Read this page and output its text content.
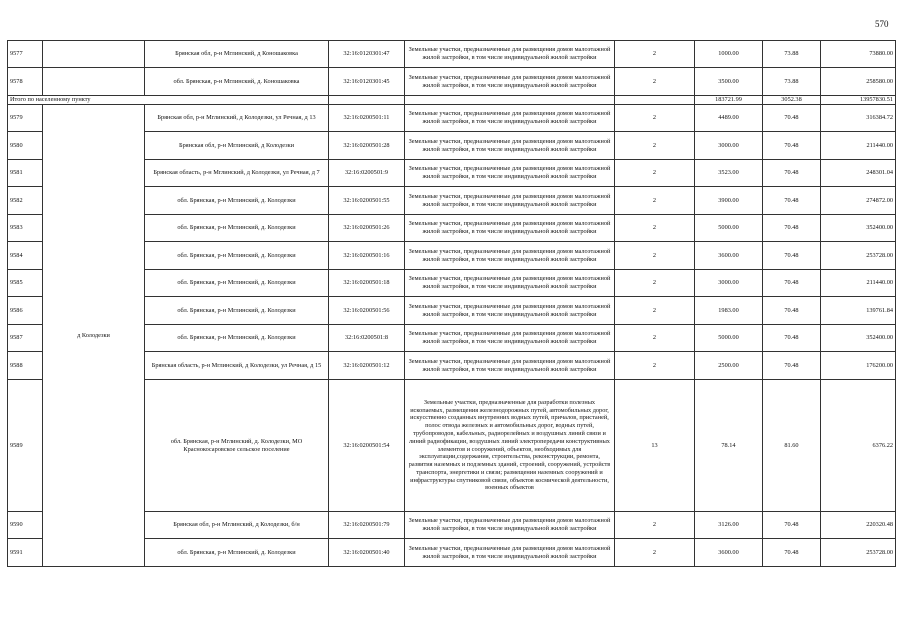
570
9577		Брянская обл, р-н Мглинский, д Коношаковка	32:16:0120301:47	Земельные участки, предназначенные для размещения домов малоэтажной жилой застройки, в том числе индивидуальной жилой застройки	2	1000.00	73.88	73880.00
9578		обл. Брянская, р-н Мглинский, д. Коношаковка	32:16:0120301:45	Земельные участки, предназначенные для размещения домов малоэтажной жилой застройки, в том числе индивидуальной жилой застройки	2	3500.00	73.88	258580.00
Итого по населенному пункту						183721.99	3052.38	13957830.51
9579	д Колодезки	Брянская обл, р-н Мглинский, д Колодезки, ул Речная, д 13	32:16:0200501:11	Земельные участки, предназначенные для размещения домов малоэтажной жилой застройки, в том числе индивидуальной жилой застройки	2	4489.00	70.48	316384.72
9580		Брянская обл, р-н Мглинский, д Колодезки	32:16:0200501:28	Земельные участки, предназначенные для размещения домов малоэтажной жилой застройки, в том числе индивидуальной жилой застройки	2	3000.00	70.48	211440.00
9581		Брянская область, р-н Мглинский, д Колодезки, ул Речная, д 7	32:16:0200501:9	Земельные участки, предназначенные для размещения домов малоэтажной жилой застройки, в том числе индивидуальной жилой застройки	2	3523.00	70.48	248301.04
9582		обл. Брянская, р-н Мглинский, д. Колодезки	32:16:0200501:55	Земельные участки, предназначенные для размещения домов малоэтажной жилой застройки, в том числе индивидуальной жилой застройки	2	3900.00	70.48	274872.00
9583		обл. Брянская, р-н Мглинский, д. Колодезки	32:16:0200501:26	Земельные участки, предназначенные для размещения домов малоэтажной жилой застройки, в том числе индивидуальной жилой застройки	2	5000.00	70.48	352400.00
9584		обл. Брянская, р-н Мглинский, д. Колодезки	32:16:0200501:16	Земельные участки, предназначенные для размещения домов малоэтажной жилой застройки, в том числе индивидуальной жилой застройки	2	3600.00	70.48	253728.00
9585		обл. Брянская, р-н Мглинский, д. Колодезки	32:16:0200501:18	Земельные участки, предназначенные для размещения домов малоэтажной жилой застройки, в том числе индивидуальной жилой застройки	2	3000.00	70.48	211440.00
9586		обл. Брянская, р-н Мглинский, д. Колодезки	32:16:0200501:56	Земельные участки, предназначенные для размещения домов малоэтажной жилой застройки, в том числе индивидуальной жилой застройки	2	1983.00	70.48	139761.84
9587		обл. Брянская, р-н Мглинский, д. Колодезки	32:16:0200501:8	Земельные участки, предназначенные для размещения домов малоэтажной жилой застройки, в том числе индивидуальной жилой застройки	2	5000.00	70.48	352400.00
9588		Брянская область, р-н Мглинский, д Колодезки, ул Речная, д 15	32:16:0200501:12	Земельные участки, предназначенные для размещения домов малоэтажной жилой застройки, в том числе индивидуальной жилой застройки	2	2500.00	70.48	176200.00
9589		обл. Брянская, р-н Мглинский, д. Колодезки, МО Краснокосаровское сельское поселение	32:16:0200501:54	Земельные участки, предназначенные для разработки полезных ископаемых, размещения железнодорожных путей, автомобильных дорог, искусственно созданных внутренних водных путей, причалов, пристаней, полос отвода железных и автомобильных дорог, водных путей, трубопроводов, кабельных, радиорелейных и воздушных линий связи и линий радиофикации, воздушных линий электропередачи конструктивных элементов и сооружений, объектов, необходимых для эксплуатации,содержания, строительства, реконструкции, ремонта, развития наземных и подземных зданий, строений, сооружений, устройств транспорта, энергетики и связи; размещения наземных сооружений и инфраструктуры спутниковой связи, объектов космической деятельности, военных объектов	13	78.14	81.60	6376.22
9590		Брянская обл, р-н Мглинский, д Колодезки, б/н	32:16:0200501:79	Земельные участки, предназначенные для размещения домов малоэтажной жилой застройки, в том числе индивидуальной жилой застройки	2	3126.00	70.48	220320.48
9591		обл. Брянская, р-н Мглинский, д. Колодезки	32:16:0200501:40	Земельные участки, предназначенные для размещения домов малоэтажной жилой застройки, в том числе индивидуальной жилой застройки	2	3600.00	70.48	253728.00
